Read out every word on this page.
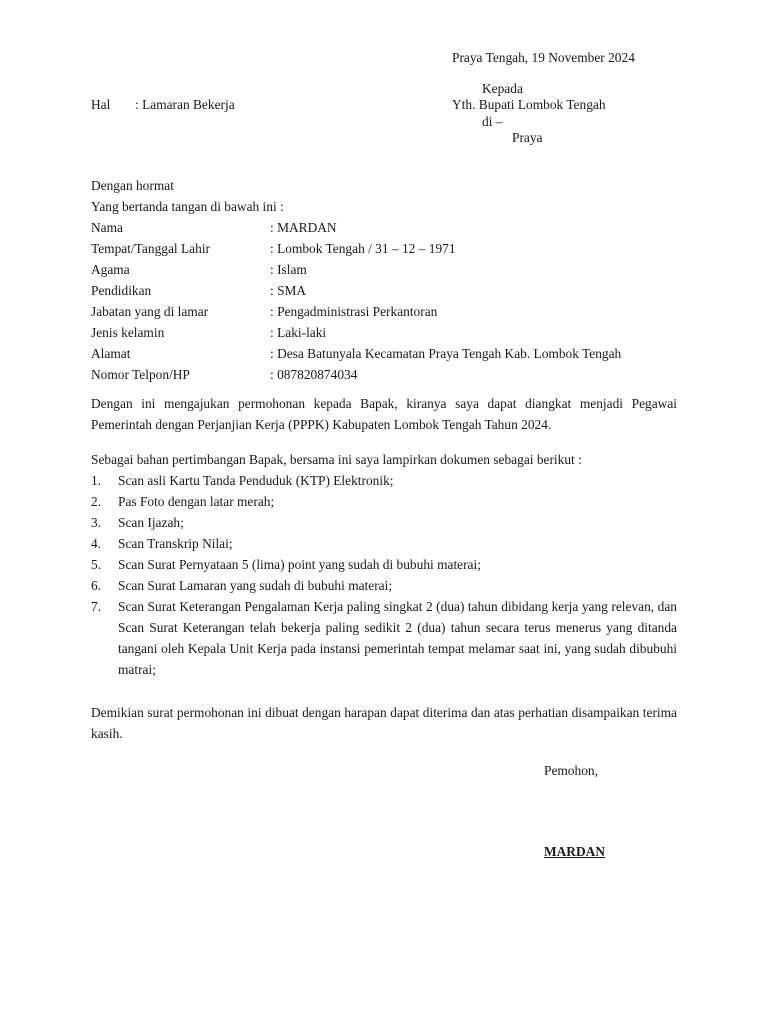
Praya Tengah, 19 November 2024
Kepada
Yth. Bupati Lombok Tengah
di –
Praya
Hal : Lamaran Bekerja
Dengan hormat
Yang bertanda tangan di bawah ini :
Nama	: MARDAN
Tempat/Tanggal Lahir	: Lombok Tengah / 31 – 12 – 1971
Agama	: Islam
Pendidikan	: SMA
Jabatan yang di lamar	: Pengadministrasi Perkantoran
Jenis kelamin	: Laki-laki
Alamat	: Desa Batunyala Kecamatan Praya Tengah Kab. Lombok Tengah
Nomor Telpon/HP	: 087820874034
Dengan ini mengajukan permohonan kepada Bapak, kiranya saya dapat diangkat menjadi Pegawai Pemerintah dengan Perjanjian Kerja (PPPK) Kabupaten Lombok Tengah Tahun 2024.
Sebagai bahan pertimbangan Bapak, bersama ini saya lampirkan dokumen sebagai berikut :
1. Scan asli Kartu Tanda Penduduk (KTP) Elektronik;
2. Pas Foto dengan latar merah;
3. Scan Ijazah;
4. Scan Transkrip Nilai;
5. Scan Surat Pernyataan 5 (lima) point yang sudah di bubuhi materai;
6. Scan Surat Lamaran yang sudah di bubuhi materai;
7. Scan Surat Keterangan Pengalaman Kerja paling singkat 2 (dua) tahun dibidang kerja yang relevan, dan Scan Surat Keterangan telah bekerja paling sedikit 2 (dua) tahun secara terus menerus yang ditanda tangani oleh Kepala Unit Kerja pada instansi pemerintah tempat melamar saat ini, yang sudah dibubuhi matrai;
Demikian surat permohonan ini dibuat dengan harapan dapat diterima dan atas perhatian disampaikan terima kasih.
Pemohon,
MARDAN
